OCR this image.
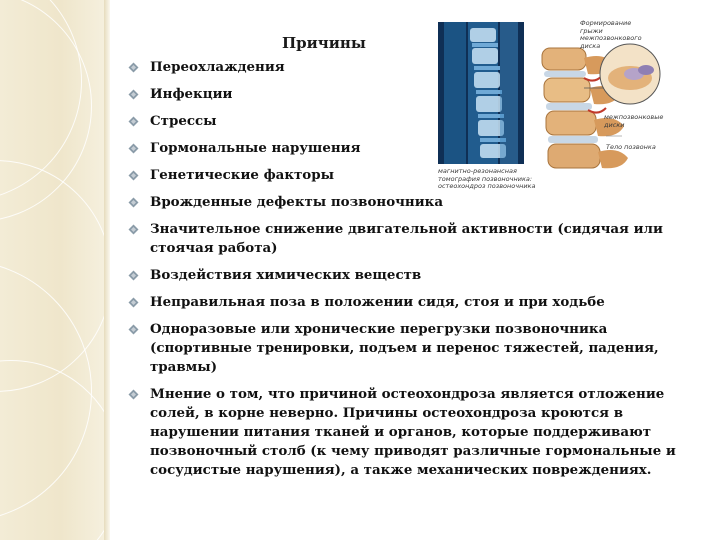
Причины
Формирование грыжи межпозвонкового диска
межпозвонковые диски
Тело позвонка
магнитно-резонансная томография позвоночника: остеохондроз позвоночника
Переохлаждения
Инфекции
Стрессы
Гормональные нарушения
Генетические факторы
Врожденные дефекты позвоночника
Значительное снижение двигательной активности (сидячая или стоячая работа)
Воздействия химических веществ
Неправильная поза в положении сидя, стоя и при ходьбе
Одноразовые или хронические перегрузки позвоночника (спортивные тренировки, подъем и перенос тяжестей, падения, травмы)
Мнение о том, что причиной остеохондроза является отложение солей, в корне неверно. Причины остеохондроза кроются в нарушении питания тканей и органов, которые поддерживают позвоночный столб (к чему приводят различные гормональные и сосудистые нарушения), а также механических повреждениях.
